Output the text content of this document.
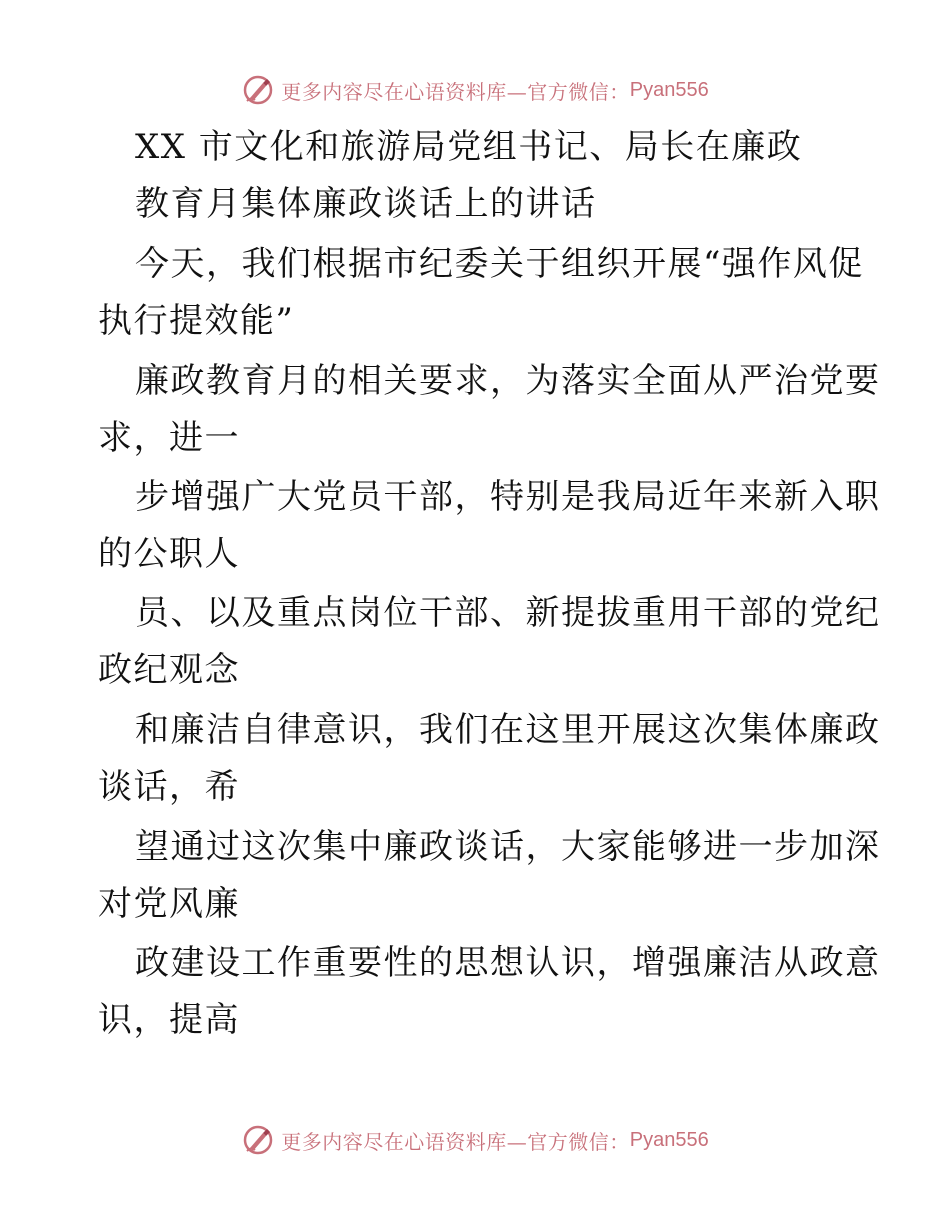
更多内容尽在心语资料库—官方微信： Pyan556
XX 市文化和旅游局党组书记、局长在廉政
教育月集体廉政谈话上的讲话
今天，我们根据市纪委关于组织开展“强作风促
执行提效能”
廉政教育月的相关要求，为落实全面从严治党要
求，进一
步增强广大党员干部，特别是我局近年来新入职
的公职人
员、以及重点岗位干部、新提拔重用干部的党纪
政纪观念
和廉洁自律意识，我们在这里开展这次集体廉政
谈话，希
望通过这次集中廉政谈话，大家能够进一步加深
对党风廉
政建设工作重要性的思想认识，增强廉洁从政意
识，提高
更多内容尽在心语资料库—官方微信： Pyan556
